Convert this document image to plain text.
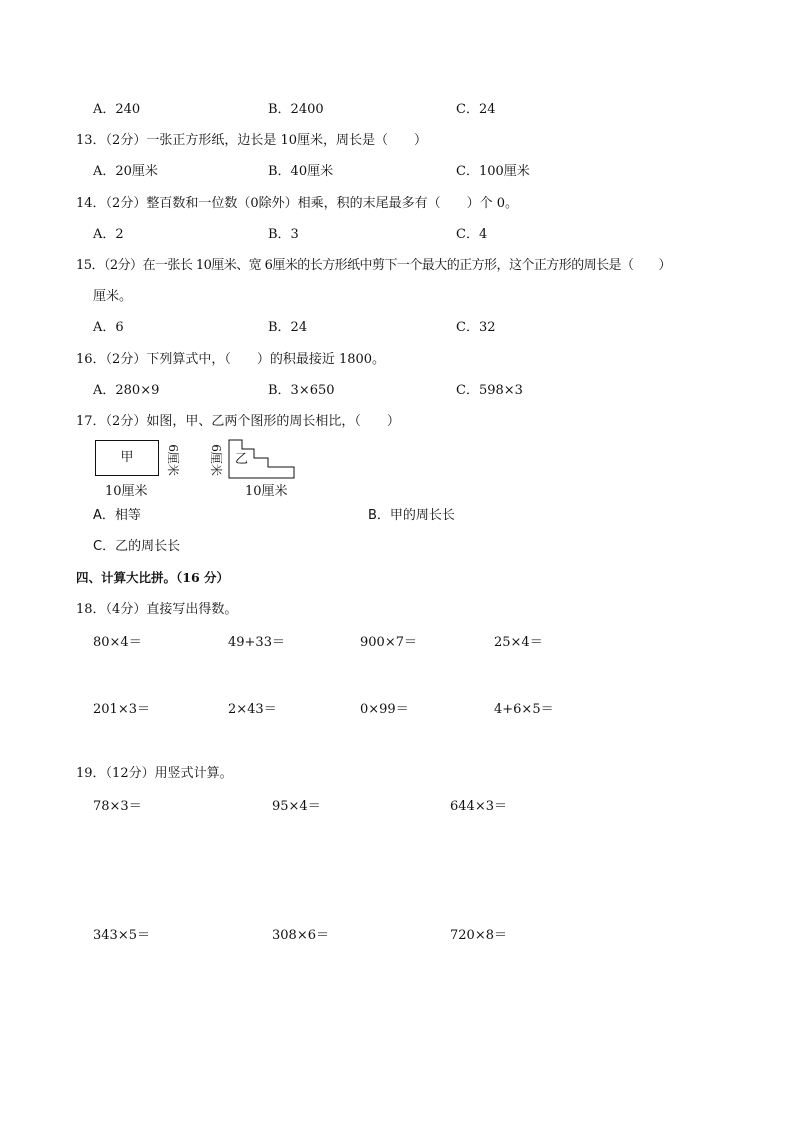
A．240	B．2400	C．24
13．（2分）一张正方形纸，边长是 10厘米，周长是（　　）
A．20厘米	B．40厘米	C．100厘米
14．（2分）整百数和一位数（0除外）相乘，积的末尾最多有（　　）个 0。
A．2	B．3	C．4
15．（2分）在一张长 10厘米、宽 6厘米的长方形纸中剪下一个最大的正方形，这个正方形的周长是（　　）
厘米。
A．6	B．24	C．32
16．（2分）下列算式中，（　　）的积最接近 1800。
A．280×9	B．3×650	C．598×3
17．（2分）如图，甲、乙两个图形的周长相比，（　　）
甲	6厘米
10厘米
6厘米 乙
10厘米
A．相等	B．甲的周长长
C．乙的周长长
四、计算大比拼。（16 分）
18．（4分）直接写出得数。
80×4＝	49+33＝	900×7＝	25×4＝
201×3＝	2×43＝	0×99＝	4+6×5＝
19．（12分）用竖式计算。
78×3＝	95×4＝	644×3＝
343×5＝	308×6＝	720×8＝
